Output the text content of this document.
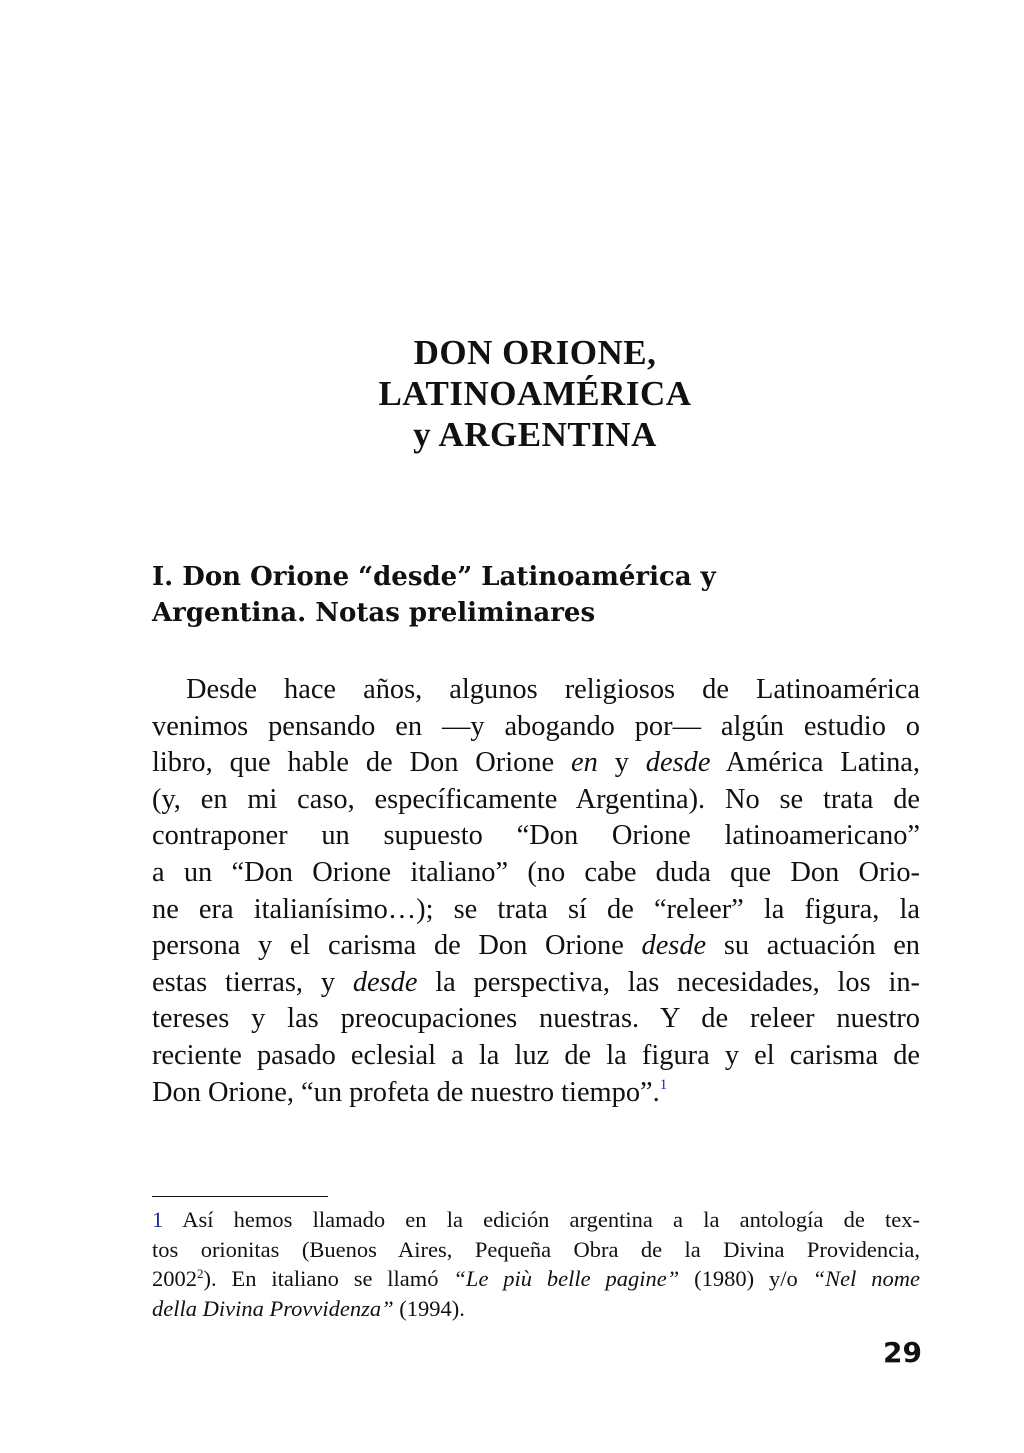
DON ORIONE,
LATINOAMÉRICA
y ARGENTINA
I. Don Orione “desde” Latinoamérica y
Argentina. Notas preliminares
Desde hace años, algunos religiosos de Latinoamérica
venimos pensando en —y abogando por— algún estudio o
libro, que hable de Don Orione en y desde América Latina,
(y, en mi caso, específicamente Argentina). No se trata de
contraponer un supuesto “Don Orione latinoamericano”
a un “Don Orione italiano” (no cabe duda que Don Orio-
ne era italianísimo…); se trata sí de “releer” la figura, la
persona y el carisma de Don Orione desde su actuación en
estas tierras, y desde la perspectiva, las necesidades, los in-
tereses y las preocupaciones nuestras. Y de releer nuestro
reciente pasado eclesial a la luz de la figura y el carisma de
Don Orione, “un profeta de nuestro tiempo”.$^1$
1 Así hemos llamado en la edición argentina a la antología de tex-
tos orionitas (Buenos Aires, Pequeña Obra de la Divina Providencia,
2002$^2$). En italiano se llamó “Le più belle pagine” (1980) y/o “Nel nome
della Divina Provvidenza” (1994).
29
